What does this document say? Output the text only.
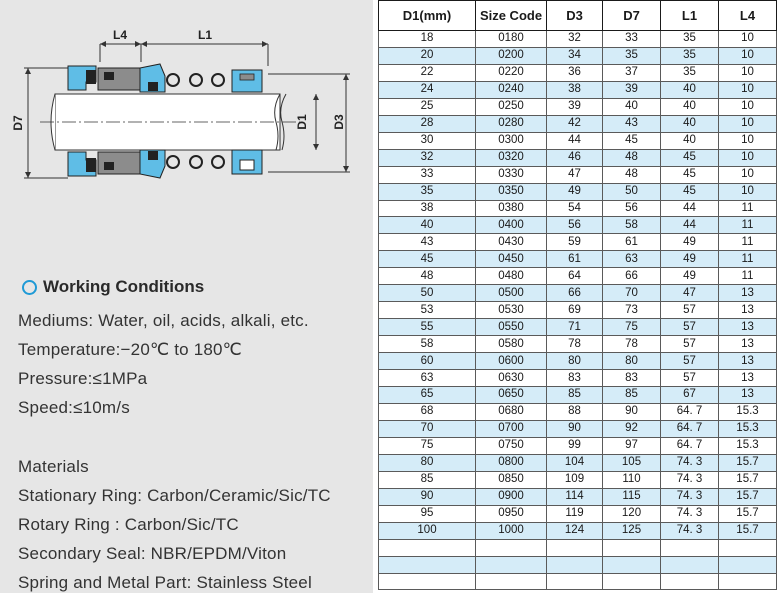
L4	L1
D7	D1 D3
Working Conditions
Mediums: Water, oil, acids, alkali, etc.
Temperature:−20℃ to 180℃
Pressure:≤1MPa
Speed:≤10m/s
Materials
Stationary Ring: Carbon/Ceramic/Sic/TC
Rotary Ring : Carbon/Sic/TC
Secondary Seal: NBR/EPDM/Viton
Spring and Metal Part: Stainless Steel
D1(mm)	Size Code	D3	D7	L1	L4
18	0180	32	33	35	10
20	0200	34	35	35	10
22	0220	36	37	35	10
24	0240	38	39	40	10
25	0250	39	40	40	10
28	0280	42	43	40	10
30	0300	44	45	40	10
32	0320	46	48	45	10
33	0330	47	48	45	10
35	0350	49	50	45	10
38	0380	54	56	44	11
40	0400	56	58	44	11
43	0430	59	61	49	11
45	0450	61	63	49	11
48	0480	64	66	49	11
50	0500	66	70	47	13
53	0530	69	73	57	13
55	0550	71	75	57	13
58	0580	78	78	57	13
60	0600	80	80	57	13
63	0630	83	83	57	13
65	0650	85	85	67	13
68	0680	88	90	64. 7	15.3
70	0700	90	92	64. 7	15.3
75	0750	99	97	64. 7	15.3
80	0800	104	105	74. 3	15.7
85	0850	109	110	74. 3	15.7
90	0900	114	115	74. 3	15.7
95	0950	119	120	74. 3	15.7
100	1000	124	125	74. 3	15.7
